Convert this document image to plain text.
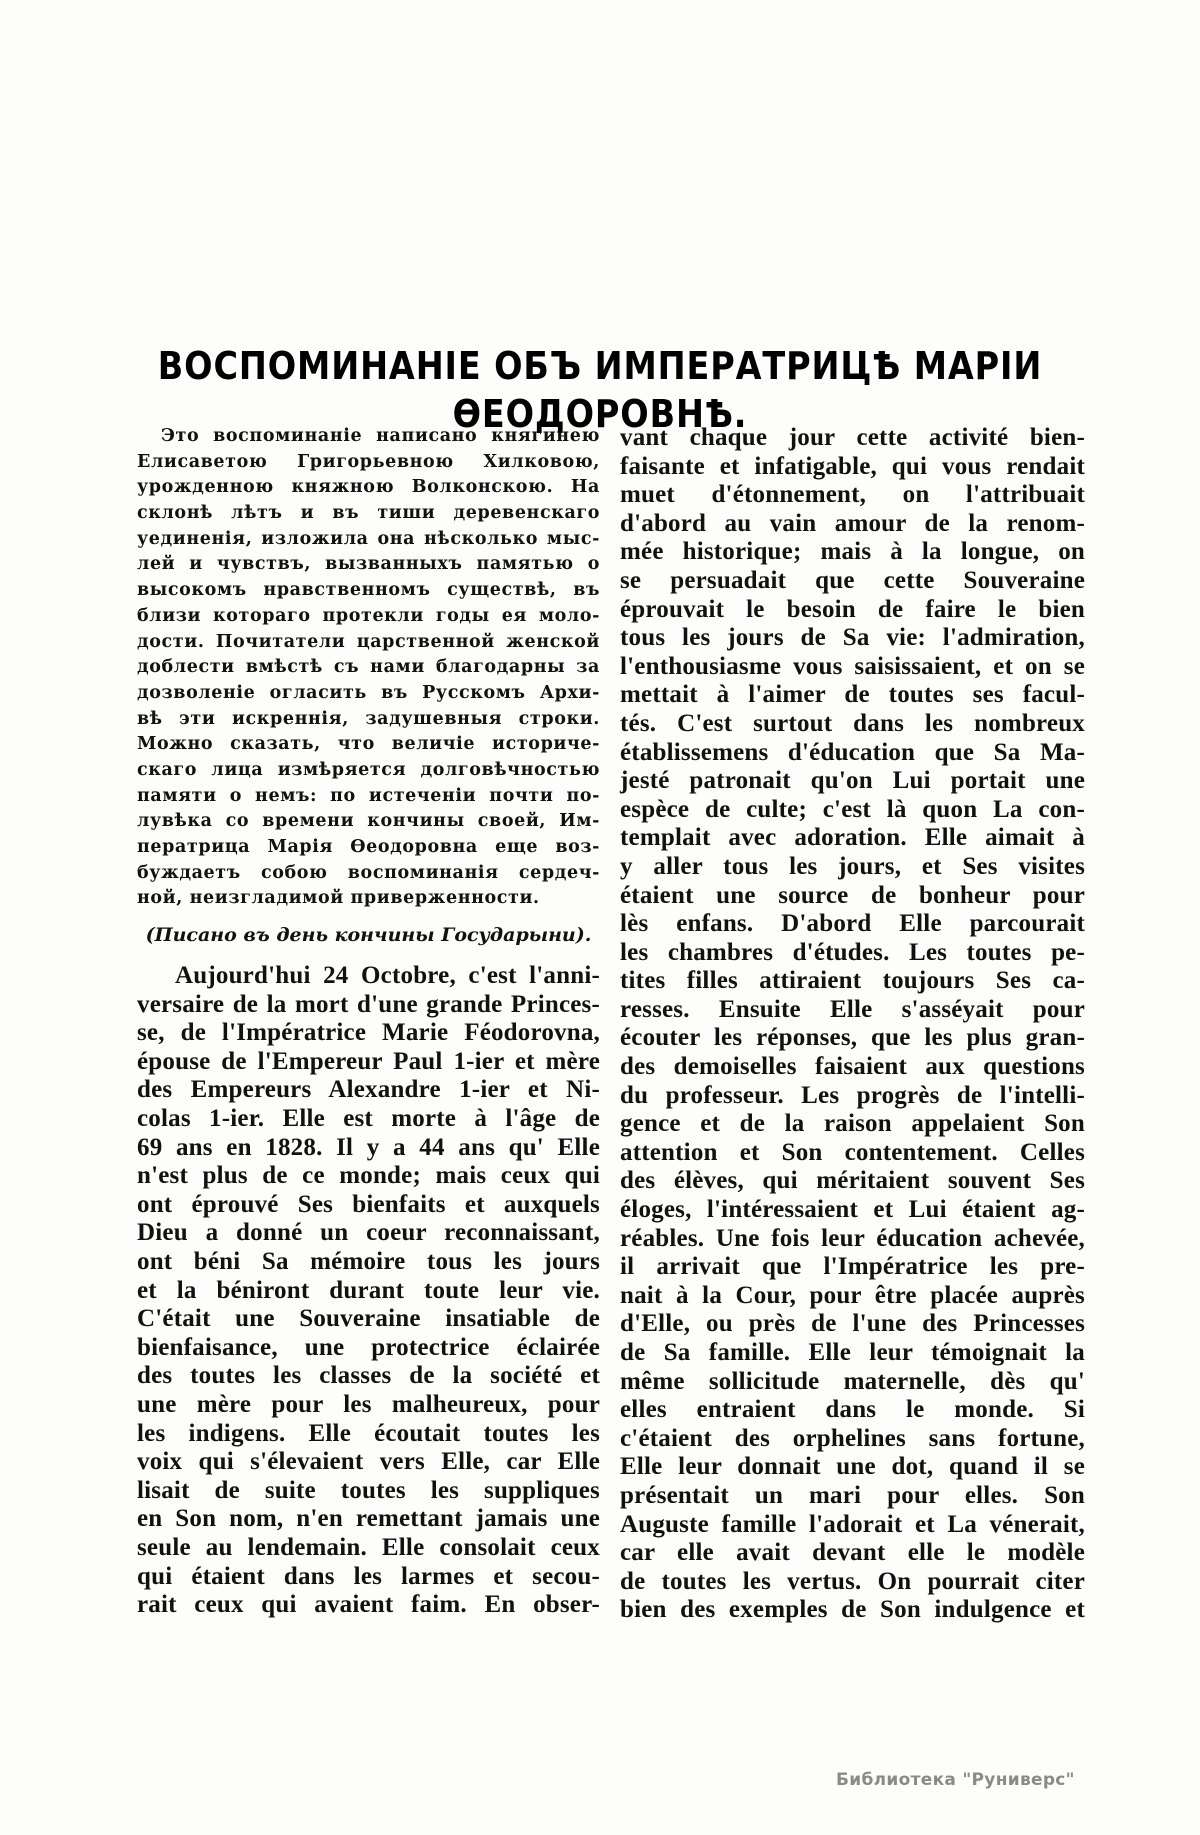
ВОСПОМИНАНІЕ ОБЪ ИМПЕРАТРИЦѢ МАРІИ ѲЕОДОРОВНѢ.
Это воспоминаніе написано княгинею
Елисаветою Григорьевною Хилковою,
урожденною княжною Волконскою. На
склонѣ лѣтъ и въ тиши деревенскаго
уединенія, изложила она нѣсколько мыс-
лей и чувствъ, вызванныхъ памятью о
высокомъ нравственномъ существѣ, въ
близи котораго протекли годы ея моло-
дости. Почитатели царственной женской
доблести вмѣстѣ съ нами благодарны за
дозволеніе огласить въ Русскомъ Архи-
вѣ эти искреннія, задушевныя строки.
Можно сказать, что величіе историче-
скаго лица измѣряется долговѣчностью
памяти о немъ: по истеченіи почти по-
лувѣка со времени кончины своей, Им-
ператрица Марія Ѳеодоровна еще воз-
буждаетъ собою воспоминанія сердеч-
ной, неизгладимой приверженности.
(Писано въ день кончины Государыни).
Aujourd'hui 24 Octobre, c'est l'anni-
versaire de la mort d'une grande Princes-
se, de l'Impératrice Marie Féodorovna,
épouse de l'Empereur Paul 1-ier et mère
des Empereurs Alexandre 1-ier et Ni-
colas 1-ier. Elle est morte à l'âge de
69 ans en 1828. Il y a 44 ans qu' Elle
n'est plus de ce monde; mais ceux qui
ont éprouvé Ses bienfaits et auxquels
Dieu a donné un coeur reconnaissant,
ont béni Sa mémoire tous les jours
et la béniront durant toute leur vie.
C'était une Souveraine insatiable de
bienfaisance, une protectrice éclairée
des toutes les classes de la société et
une mère pour les malheureux, pour
les indigens. Elle écoutait toutes les
voix qui s'élevaient vers Elle, car Elle
lisait de suite toutes les suppliques
en Son nom, n'en remettant jamais une
seule au lendemain. Elle consolait ceux
qui étaient dans les larmes et secou-
rait ceux qui avaient faim. En obser-
vant chaque jour cette activité bien-
faisante et infatigable, qui vous rendait
muet d'étonnement, on l'attribuait
d'abord au vain amour de la renom-
mée historique; mais à la longue, on
se persuadait que cette Souveraine
éprouvait le besoin de faire le bien
tous les jours de Sa vie: l'admiration,
l'enthousiasme vous saisissaient, et on se
mettait à l'aimer de toutes ses facul-
tés. C'est surtout dans les nombreux
établissemens d'éducation que Sa Ma-
jesté patronait qu'on Lui portait une
espèce de culte; c'est là quon La con-
templait avec adoration. Elle aimait à
y aller tous les jours, et Ses visites
étaient une source de bonheur pour
lès enfans. D'abord Elle parcourait
les chambres d'études. Les toutes pe-
tites filles attiraient toujours Ses ca-
resses. Ensuite Elle s'asséyait pour
écouter les réponses, que les plus gran-
des demoiselles faisaient aux questions
du professeur. Les progrès de l'intelli-
gence et de la raison appelaient Son
attention et Son contentement. Celles
des élèves, qui méritaient souvent Ses
éloges, l'intéressaient et Lui étaient ag-
réables. Une fois leur éducation achevée,
il arrivait que l'Impératrice les pre-
nait à la Cour, pour être placée auprès
d'Elle, ou près de l'une des Princesses
de Sa famille. Elle leur témoignait la
même sollicitude maternelle, dès qu'
elles entraient dans le monde. Si
c'étaient des orphelines sans fortune,
Elle leur donnait une dot, quand il se
présentait un mari pour elles. Son
Auguste famille l'adorait et La vénerait,
car elle avait devant elle le modèle
de toutes les vertus. On pourrait citer
bien des exemples de Son indulgence et
Библиотека "Руниверс"
